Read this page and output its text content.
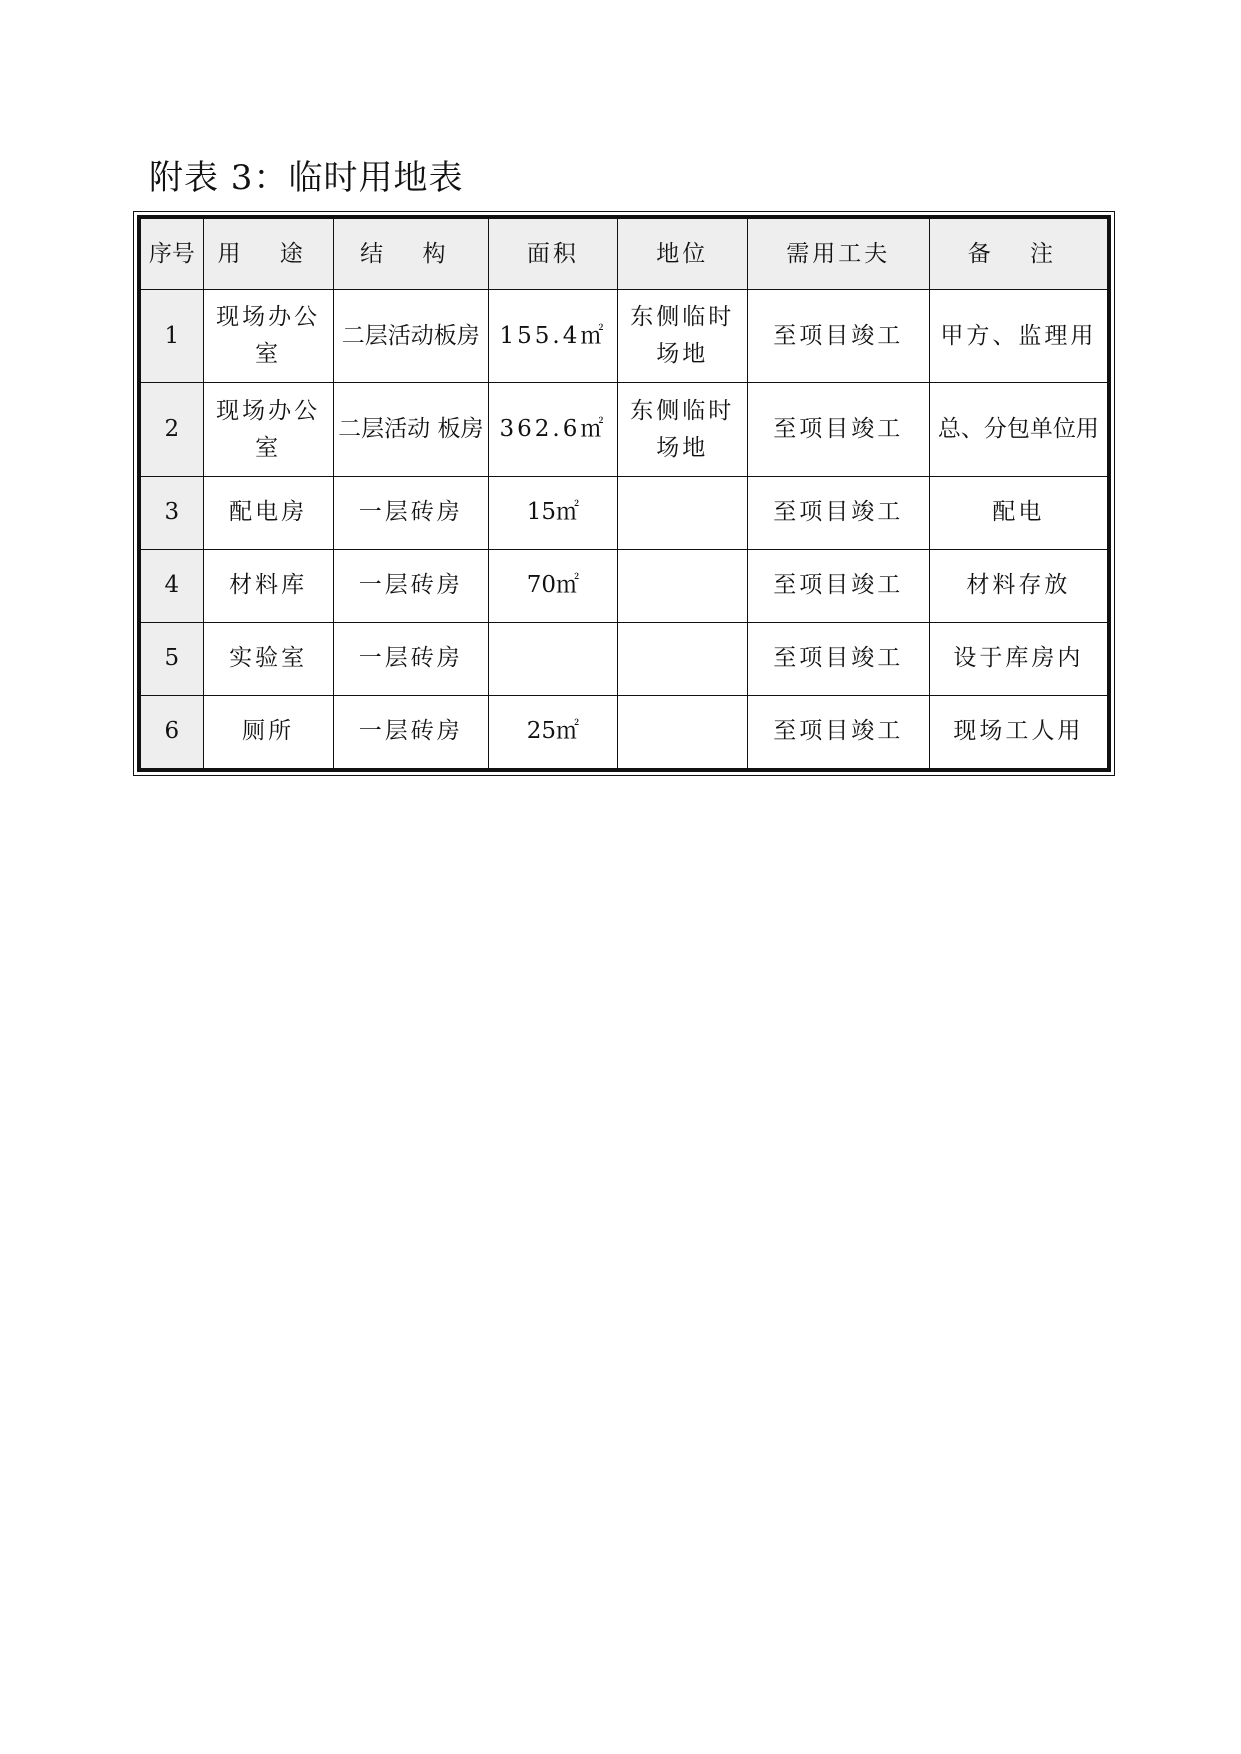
附表 3：临时用地表
序号	用 途	结 构	面积	地位	需用工夫	备 注
1	现场办公室	二层活动板房	155.4㎡	东侧临时场地	至项目竣工	甲方、监理用
2	现场办公室	二层活动 板房	362.6㎡	东侧临时场地	至项目竣工	总、分包单位用
3	配电房	一层砖房	15㎡		至项目竣工	配电
4	材料库	一层砖房	70㎡		至项目竣工	材料存放
5	实验室	一层砖房			至项目竣工	设于库房内
6	厕所	一层砖房	25㎡		至项目竣工	现场工人用
